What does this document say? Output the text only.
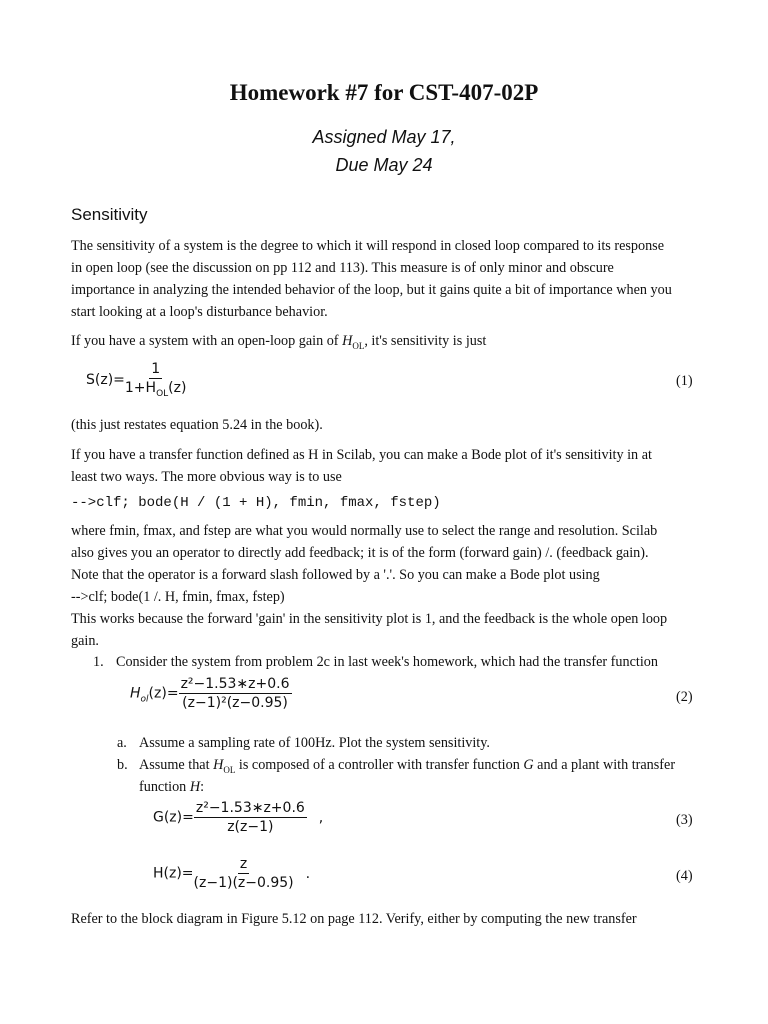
Homework #7 for CST-407-02P
Assigned May 17,
Due May 24
Sensitivity
The sensitivity of a system is the degree to which it will respond in closed loop compared to its response
in open loop (see the discussion on pp 112 and 113). This measure is of only minor and obscure
importance in analyzing the intended behavior of the loop, but it gains quite a bit of importance when you
start looking at a loop's disturbance behavior.
If you have a system with an open-loop gain of $H_{OL}$, it's sensitivity is just
$S(z)= \frac{1}{1+H_{OL}(z)}$	(1)
(this just restates equation 5.24 in the book).
If you have a transfer function defined as H in Scilab, you can make a Bode plot of it's sensitivity in at
least two ways. The more obvious way is to use
-->clf; bode(H / (1 + H), fmin, fmax, fstep)
where fmin, fmax, and fstep are what you would normally use to select the range and resolution. Scilab
also gives you an operator to directly add feedback; it is of the form (forward gain) /. (feedback gain).
Note that the operator is a forward slash followed by a '.'. So you can make a Bode plot using
-->clf; bode(1 /. H, fmin, fmax, fstep)
This works because the forward 'gain' in the sensitivity plot is 1, and the feedback is the whole open loop
gain.
1. Consider the system from problem 2c in last week's homework, which had the transfer function
$H_{ol}(z)= \frac{\text{z²−1.53∗z+0.6}}{\text{(z−1)²(z−0.95)}}$	(2)
a. Assume a sampling rate of 100Hz. Plot the system sensitivity.
b. Assume that $H_{OL}$ is composed of a controller with transfer function G and a plant with transfer
function H:
$G(z)= \frac{\text{z²−1.53∗z+0.6}}{z(z-1)}$ ,	(3)
$H(z)= \frac{z}{(z-1)(z-0.95)}$ .	(4)
Refer to the block diagram in Figure 5.12 on page 112. Verify, either by computing the new transfer
